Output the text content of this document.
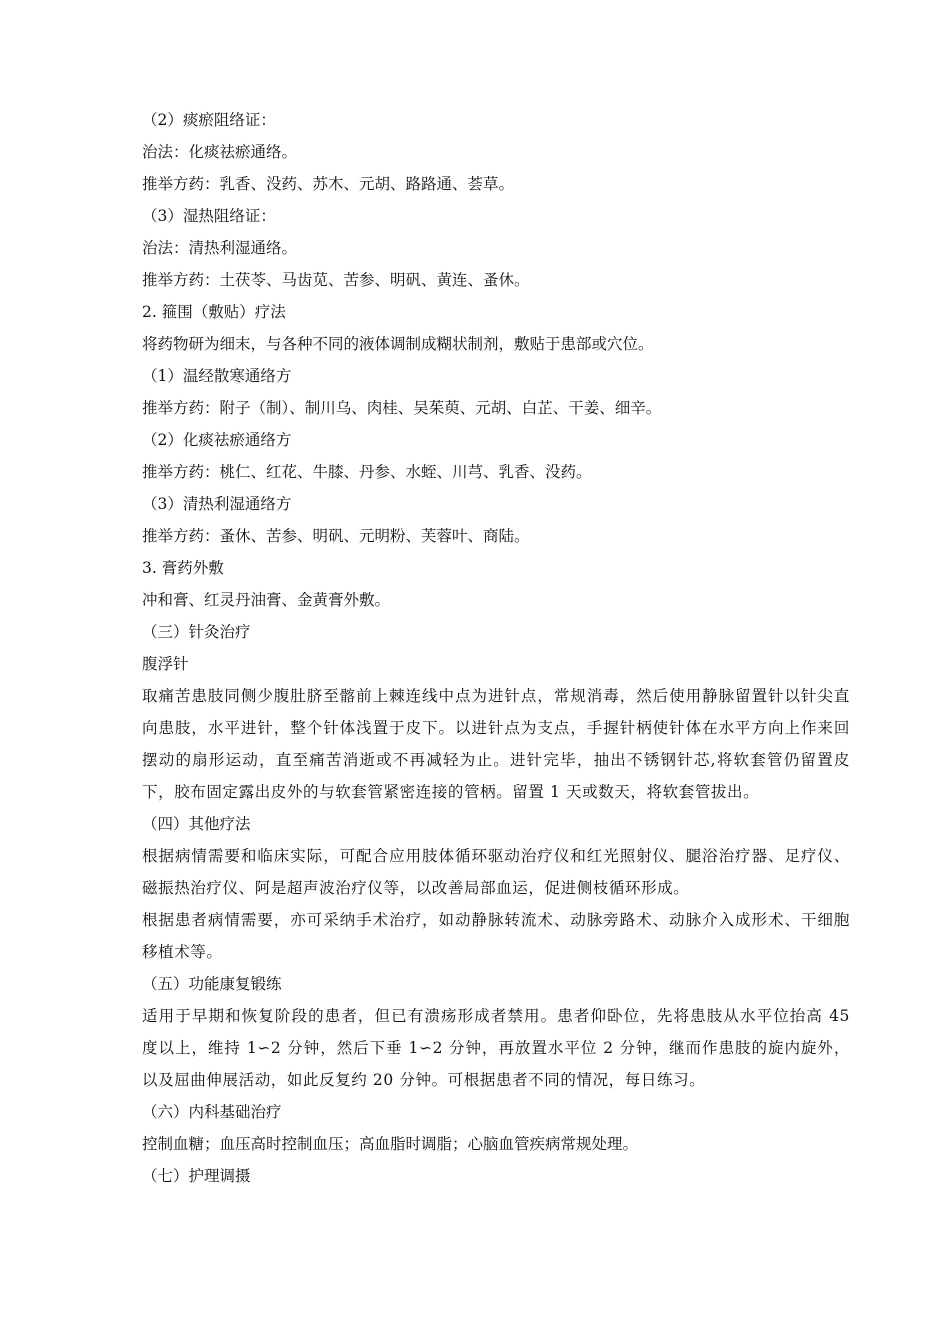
（2）痰瘀阻络证：
治法：化痰祛瘀通络。
推举方药：乳香、没药、苏木、元胡、路路通、荟草。
（3）湿热阻络证：
治法：清热利湿通络。
推举方药：土茯苓、马齿苋、苦参、明矾、黄连、蚤休。
2. 箍围（敷贴）疗法
将药物研为细末，与各种不同的液体调制成糊状制剂，敷贴于患部或穴位。
（1）温经散寒通络方
推举方药：附子（制）、制川乌、肉桂、吴茱萸、元胡、白芷、干姜、细辛。
（2）化痰祛瘀通络方
推举方药：桃仁、红花、牛膝、丹参、水蛭、川芎、乳香、没药。
（3）清热利湿通络方
推举方药：蚤休、苦参、明矾、元明粉、芙蓉叶、商陆。
3. 膏药外敷
冲和膏、红灵丹油膏、金黄膏外敷。
（三）针灸治疗
腹浮针
取痛苦患肢同侧少腹肚脐至髂前上棘连线中点为进针点，常规消毒，然后使用静脉留置针以针尖直向患肢，水平进针，整个针体浅置于皮下。以进针点为支点，手握针柄使针体在水平方向上作来回摆动的扇形运动，直至痛苦消逝或不再减轻为止。进针完毕，抽出不锈钢针芯,将软套管仍留置皮下，胶布固定露出皮外的与软套管紧密连接的管柄。留置 1 天或数天，将软套管拔出。
（四）其他疗法
根据病情需要和临床实际，可配合应用肢体循环驱动治疗仪和红光照射仪、腿浴治疗器、足疗仪、磁振热治疗仪、阿是超声波治疗仪等，以改善局部血运，促进侧枝循环形成。
根据患者病情需要，亦可采纳手术治疗，如动静脉转流术、动脉旁路术、动脉介入成形术、干细胞移植术等。
（五）功能康复锻练
适用于早期和恢复阶段的患者，但已有溃疡形成者禁用。患者仰卧位，先将患肢从水平位抬高 45 度以上，维持 1∽2 分钟，然后下垂 1∽2 分钟，再放置水平位 2 分钟，继而作患肢的旋内旋外，以及屈曲伸展活动，如此反复约 20 分钟。可根据患者不同的情况，每日练习。
（六）内科基础治疗
控制血糖；血压高时控制血压；高血脂时调脂；心脑血管疾病常规处理。
（七）护理调摄
